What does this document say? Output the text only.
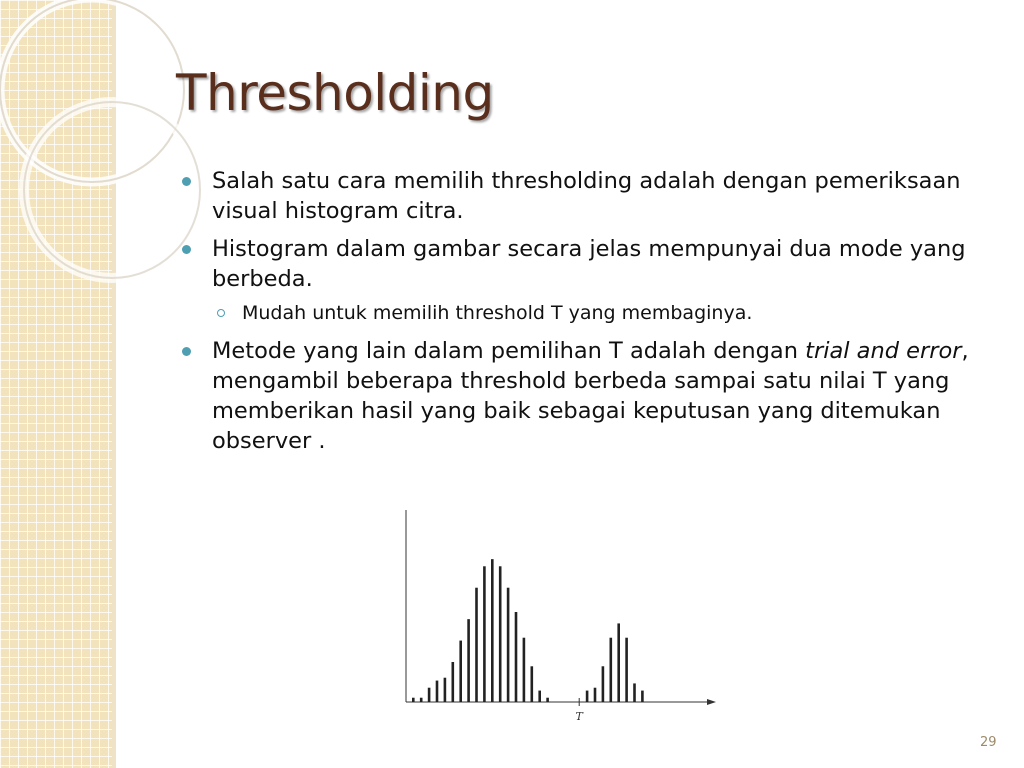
Thresholding
Salah satu cara memilih thresholding adalah dengan pemeriksaan visual histogram citra.
Histogram dalam gambar secara jelas mempunyai dua mode yang berbeda.
Mudah untuk memilih threshold T yang membaginya.
Metode yang lain dalam pemilihan T adalah dengan trial and error, mengambil beberapa threshold berbeda sampai satu nilai T yang memberikan hasil yang baik sebagai keputusan yang ditemukan observer .
T
29
